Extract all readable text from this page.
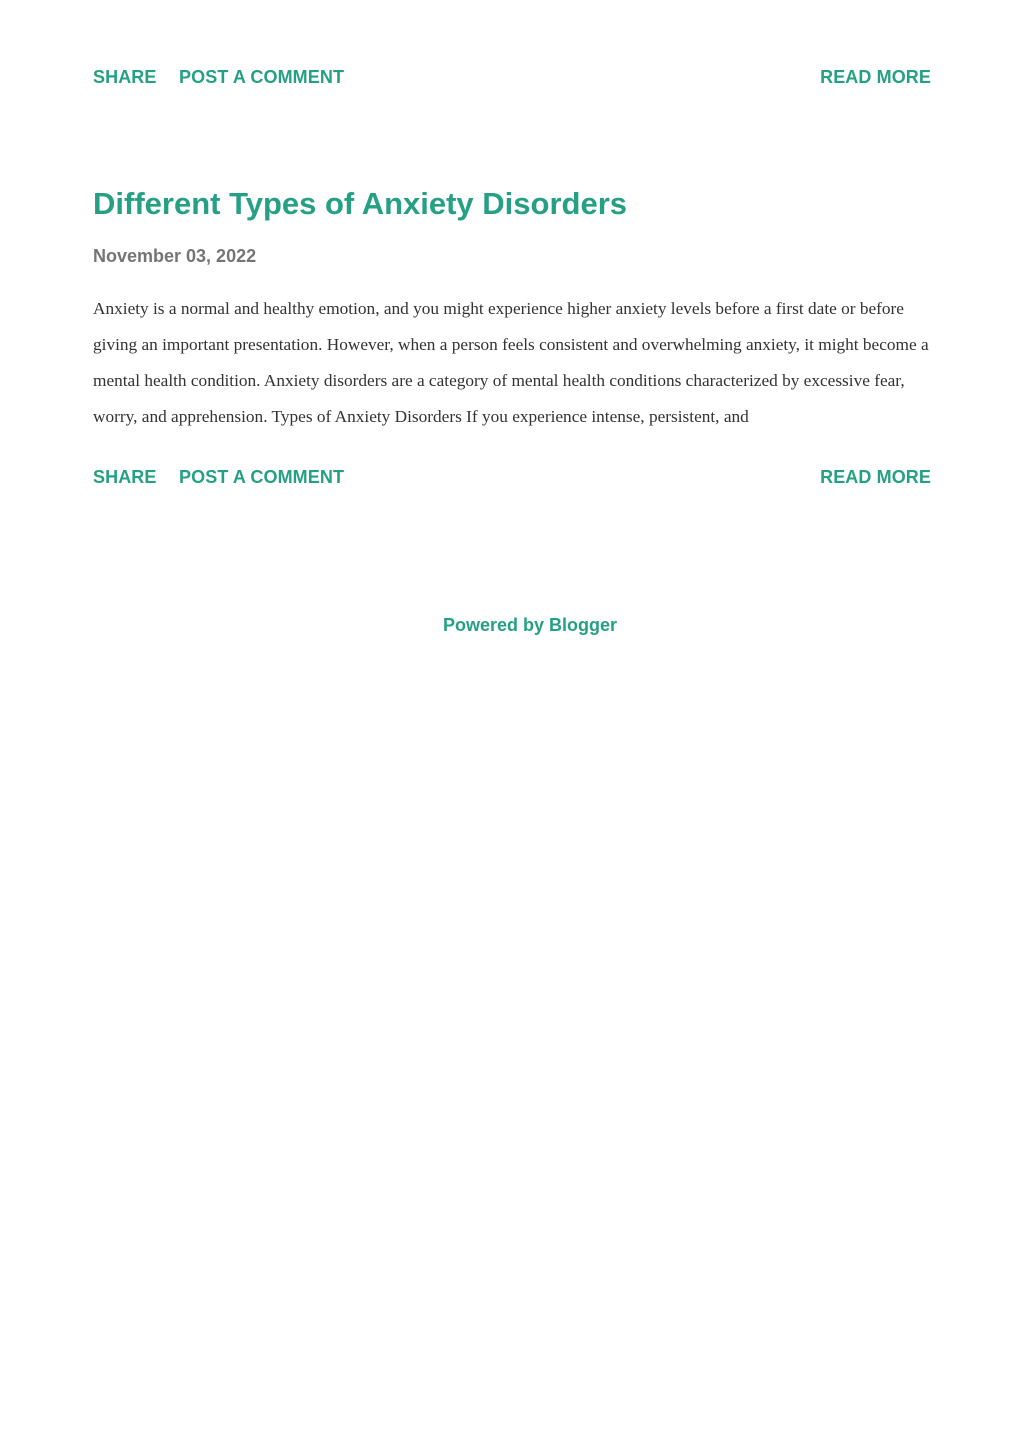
SHARE POST A COMMENT	READ MORE
Different Types of Anxiety Disorders
November 03, 2022

Anxiety is a normal and healthy emotion, and you might experience higher anxiety levels before a first date or before giving an important presentation. However, when a person feels consistent and overwhelming anxiety, it might become a mental health condition. Anxiety disorders are a category of mental health conditions characterized by excessive fear, worry, and apprehension. Types of Anxiety Disorders If you experience intense, persistent, and

SHARE POST A COMMENT	READ MORE
Powered by Blogger
